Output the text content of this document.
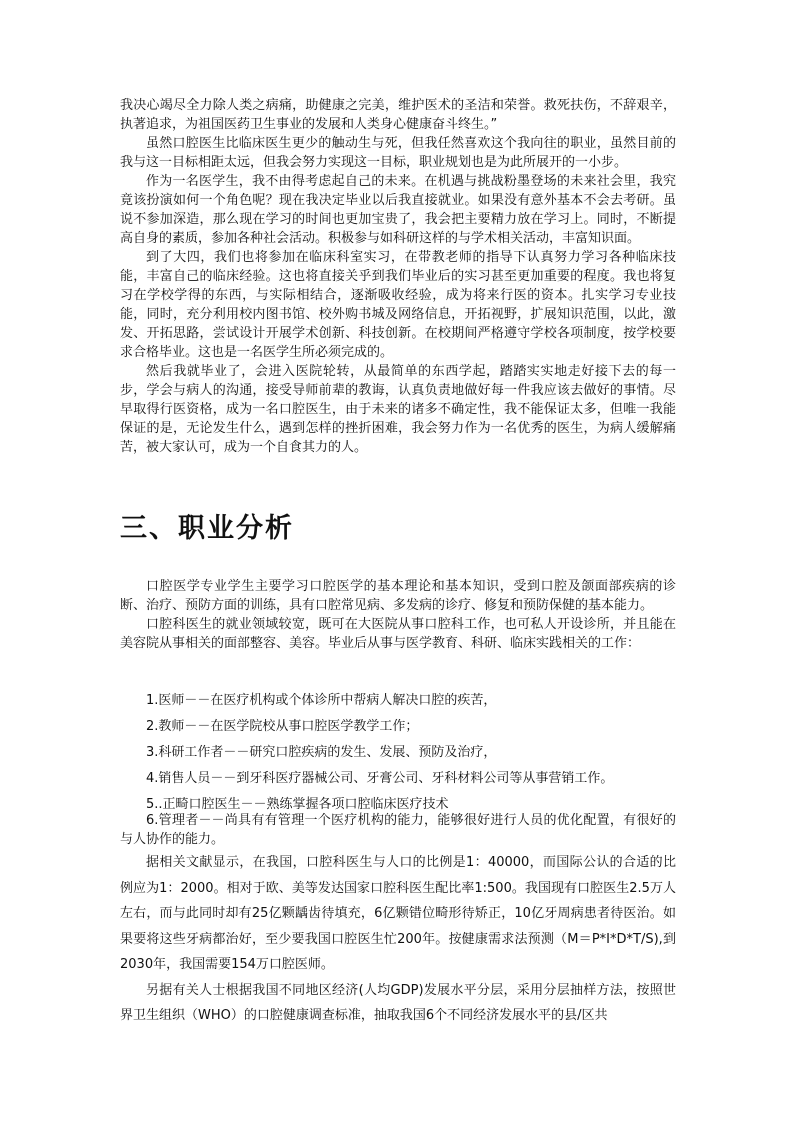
我决心竭尽全力除人类之病痛，助健康之完美，维护医术的圣洁和荣誉。救死扶伤，不辞艰辛，执著追求，为祖国医药卫生事业的发展和人类身心健康奋斗终生。”

虽然口腔医生比临床医生更少的触动生与死，但我任然喜欢这个我向往的职业，虽然目前的我与这一目标相距太远，但我会努力实现这一目标，职业规划也是为此所展开的一小步。

作为一名医学生，我不由得考虑起自己的未来。在机遇与挑战粉墨登场的未来社会里，我究竟该扮演如何一个角色呢？现在我决定毕业以后我直接就业。如果没有意外基本不会去考研。虽说不参加深造，那么现在学习的时间也更加宝贵了，我会把主要精力放在学习上。同时，不断提高自身的素质，参加各种社会活动。积极参与如科研这样的与学术相关活动，丰富知识面。

到了大四，我们也将参加在临床科室实习，在带教老师的指导下认真努力学习各种临床技能，丰富自己的临床经验。这也将直接关乎到我们毕业后的实习甚至更加重要的程度。我也将复习在学校学得的东西，与实际相结合，逐渐吸收经验，成为将来行医的资本。扎实学习专业技能，同时，充分利用校内图书馆、校外购书城及网络信息，开拓视野，扩展知识范围，以此，激发、开拓思路，尝试设计开展学术创新、科技创新。在校期间严格遵守学校各项制度，按学校要求合格毕业。这也是一名医学生所必须完成的。

然后我就毕业了，会进入医院轮转，从最简单的东西学起，踏踏实实地走好接下去的每一步，学会与病人的沟通，接受导师前辈的教诲，认真负责地做好每一件我应该去做好的事情。尽早取得行医资格，成为一名口腔医生，由于未来的诸多不确定性，我不能保证太多，但唯一我能保证的是，无论发生什么，遇到怎样的挫折困难，我会努力作为一名优秀的医生，为病人缓解痛苦，被大家认可，成为一个自食其力的人。

三、职业分析

口腔医学专业学生主要学习口腔医学的基本理论和基本知识，受到口腔及颌面部疾病的诊断、治疗、预防方面的训练，具有口腔常见病、多发病的诊疗、修复和预防保健的基本能力。

口腔科医生的就业领域较宽，既可在大医院从事口腔科工作，也可私人开设诊所，并且能在美容院从事相关的面部整容、美容。毕业后从事与医学教育、科研、临床实践相关的工作：

1.医师－－在医疗机构或个体诊所中帮病人解决口腔的疾苦，

2.教师－－在医学院校从事口腔医学教学工作；

3.科研工作者－－研究口腔疾病的发生、发展、预防及治疗，

4.销售人员－－到牙科医疗器械公司、牙膏公司、牙科材料公司等从事营销工作。

5..正畸口腔医生－－熟练掌握各项口腔临床医疗技术

6.管理者－－尚具有有管理一个医疗机构的能力，能够很好进行人员的优化配置，有很好的与人协作的能力。

据相关文献显示，在我国，口腔科医生与人口的比例是1：40000，而国际公认的合适的比例应为1：2000。相对于欧、美等发达国家口腔科医生配比率1:500。我国现有口腔医生2.5万人左右，而与此同时却有25亿颗龋齿待填充，6亿颗错位畸形待矫正，10亿牙周病患者待医治。如果要将这些牙病都治好，至少要我国口腔医生忙200年。按健康需求法预测（M＝P*I*D*T/S),到2030年，我国需要154万口腔医师。

另据有关人士根据我国不同地区经济(人均GDP)发展水平分层，采用分层抽样方法，按照世界卫生组织（WHO）的口腔健康调查标准，抽取我国6个不同经济发展水平的县/区共
